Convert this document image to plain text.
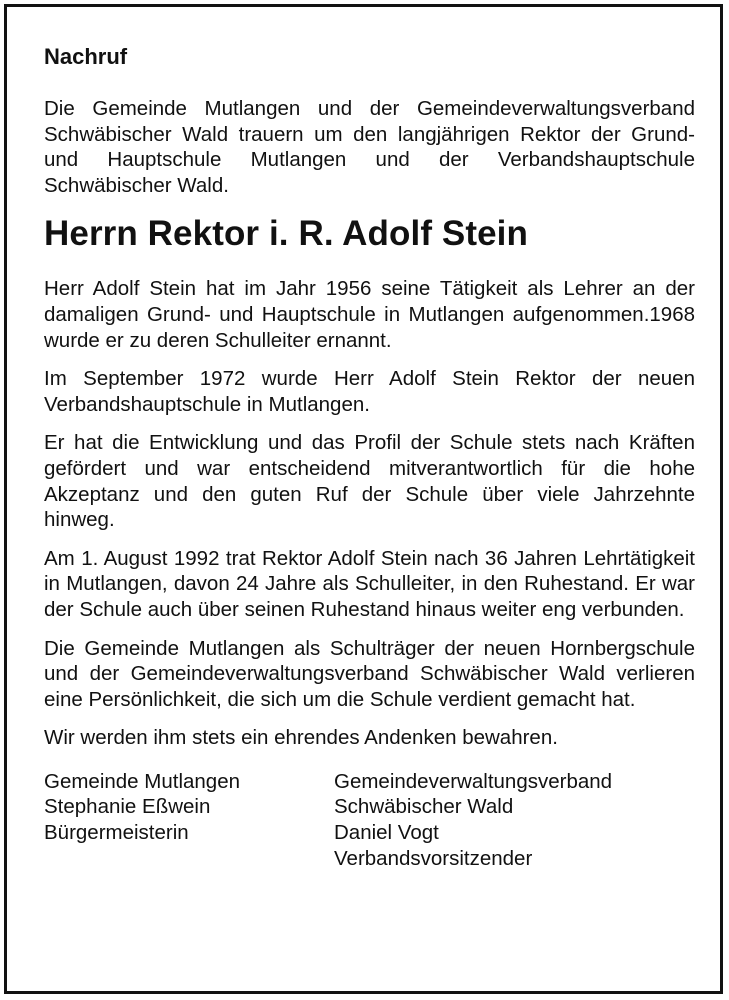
Nachruf

Die Gemeinde Mutlangen und der Gemeindeverwaltungsverband Schwäbischer Wald trauern um den langjährigen Rektor der Grund- und Hauptschule Mutlangen und der Verbandshauptschule Schwäbischer Wald.

Herrn Rektor i. R. Adolf Stein

Herr Adolf Stein hat im Jahr 1956 seine Tätigkeit als Lehrer an der damaligen Grund- und Hauptschule in Mutlangen aufgenommen.1968 wurde er zu deren Schulleiter ernannt.

Im September 1972 wurde Herr Adolf Stein Rektor der neuen Verbandshauptschule in Mutlangen.

Er hat die Entwicklung und das Profil der Schule stets nach Kräften gefördert und war entscheidend mitverantwortlich für die hohe Akzeptanz und den guten Ruf der Schule über viele Jahrzehnte hinweg.

Am 1. August 1992 trat Rektor Adolf Stein nach 36 Jahren Lehrtätigkeit in Mutlangen, davon 24 Jahre als Schulleiter, in den Ruhestand. Er war der Schule auch über seinen Ruhestand hinaus weiter eng verbunden.

Die Gemeinde Mutlangen als Schulträger der neuen Hornbergschule und der Gemeindeverwaltungsverband Schwäbischer Wald verlieren eine Persönlichkeit, die sich um die Schule verdient gemacht hat.

Wir werden ihm stets ein ehrendes Andenken bewahren.

Gemeinde Mutlangen
Stephanie Eßwein
Bürgermeisterin
Gemeindeverwaltungsverband
Schwäbischer Wald
Daniel Vogt
Verbandsvorsitzender
